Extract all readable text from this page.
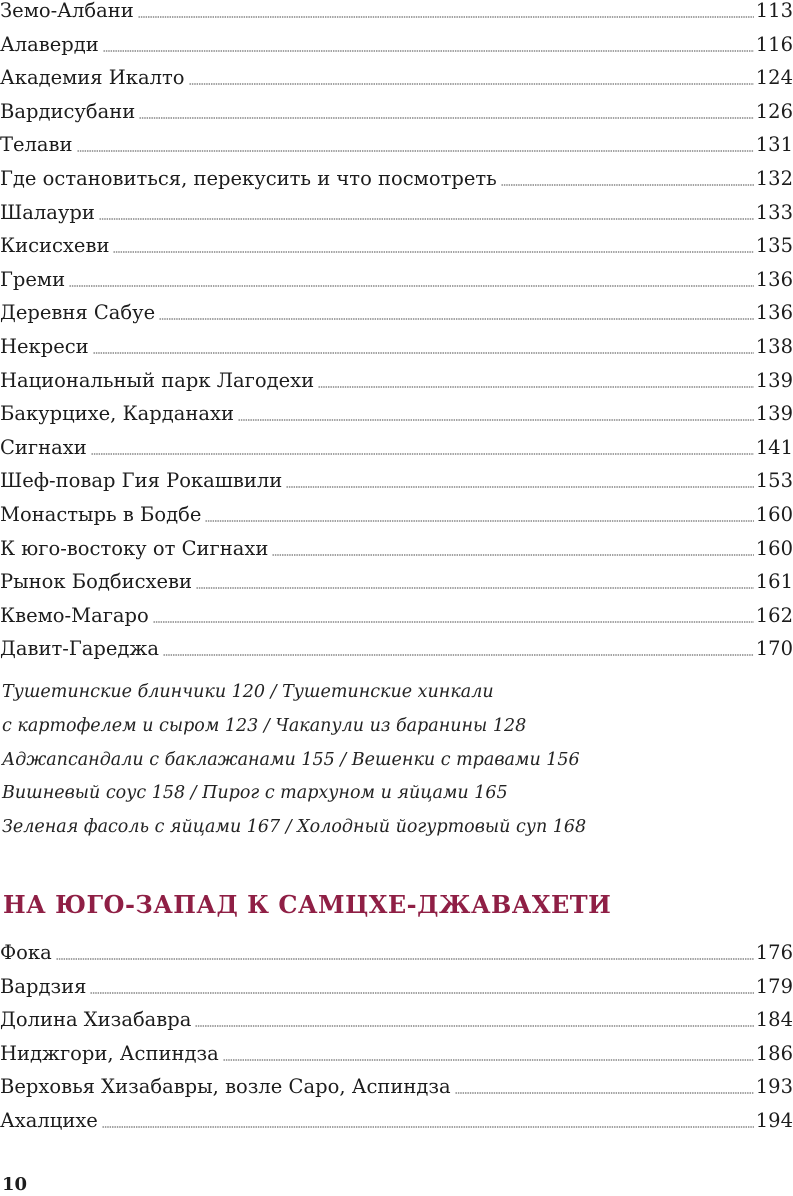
Земо-Албани	113
Алаверди	116
Академия Икалто	124
Вардисубани	126
Телави	131
Где остановиться, перекусить и что посмотреть	132
Шалаури	133
Кисисхеви	135
Греми	136
Деревня Сабуе	136
Некреси	138
Национальный парк Лагодехи	139
Бакурцихе, Карданахи	139
Сигнахи	141
Шеф-повар Гия Рокашвили	153
Монастырь в Бодбе	160
К юго-востоку от Сигнахи	160
Рынок Бодбисхеви	161
Квемо-Магаро	162
Давит-Гареджа	170
Тушетинские блинчики 120 / Тушетинские хинкали
с картофелем и сыром 123 / Чакапули из баранины 128
Аджапсандали с баклажанами 155 / Вешенки с травами 156
Вишневый соус 158 / Пирог с тархуном и яйцами 165
Зеленая фасоль с яйцами 167 / Холодный йогуртовый суп 168
НА ЮГО-ЗАПАД К САМЦХЕ-ДЖАВАХЕТИ
Фока	176
Вардзия	179
Долина Хизабавра	184
Ниджгори, Аспиндза	186
Верховья Хизабавры, возле Саро, Аспиндза	193
Ахалцихе	194
10
